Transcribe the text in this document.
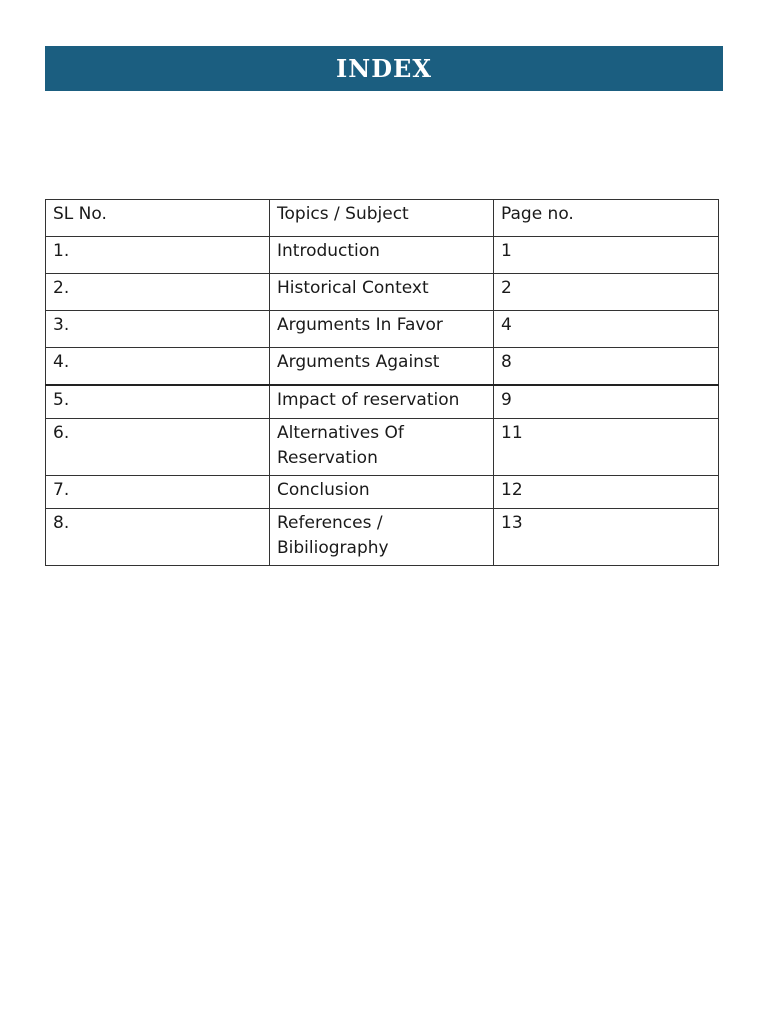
INDEX
SL No.	Topics / Subject	Page no.
1.	Introduction	1
2.	Historical Context	2
3.	Arguments In Favor	4
4.	Arguments Against	8
5.	Impact of reservation	9
6.	Alternatives Of Reservation	11
7.	Conclusion	12
8.	References / Bibiliography	13
